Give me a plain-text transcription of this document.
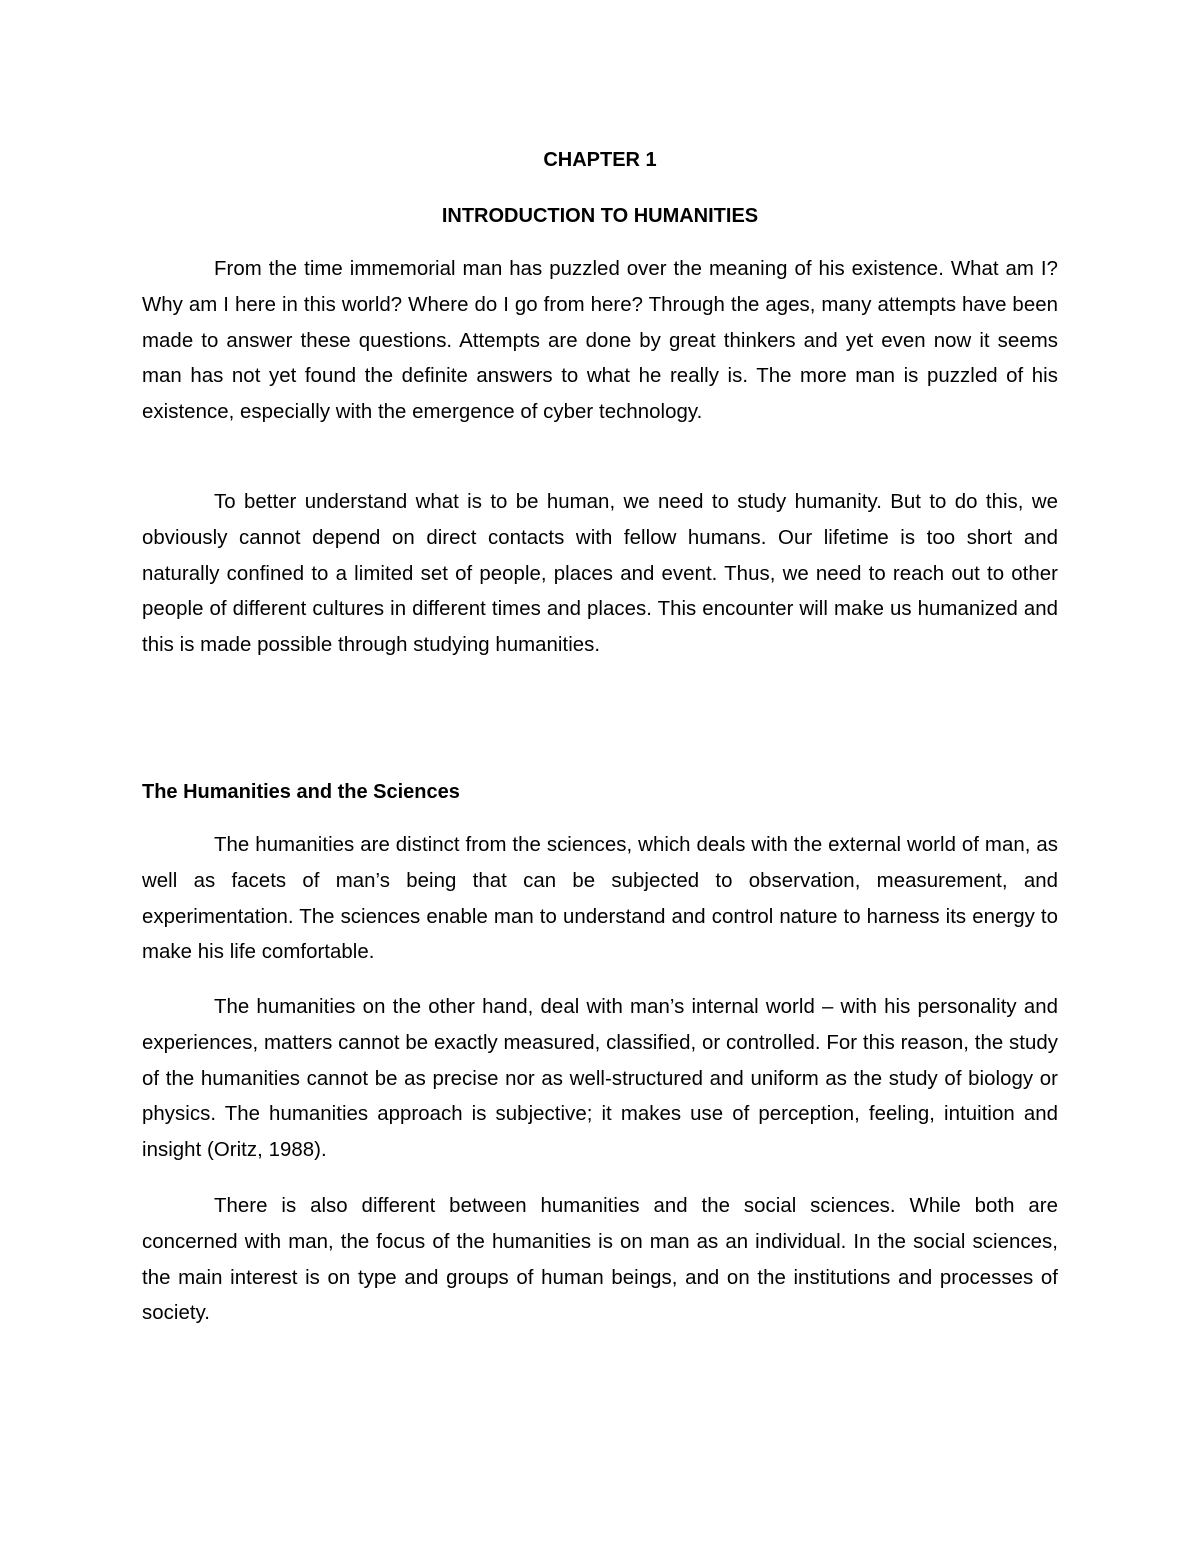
CHAPTER 1
INTRODUCTION TO HUMANITIES

From the time immemorial man has puzzled over the meaning of his existence. What am I? Why am I here in this world? Where do I go from here? Through the ages, many attempts have been made to answer these questions. Attempts are done by great thinkers and yet even now it seems man has not yet found the definite answers to what he really is. The more man is puzzled of his existence, especially with the emergence of cyber technology.

To better understand what is to be human, we need to study humanity. But to do this, we obviously cannot depend on direct contacts with fellow humans. Our lifetime is too short and naturally confined to a limited set of people, places and event. Thus, we need to reach out to other people of different cultures in different times and places. This encounter will make us humanized and this is made possible through studying humanities.

The Humanities and the Sciences

The humanities are distinct from the sciences, which deals with the external world of man, as well as facets of man’s being that can be subjected to observation, measurement, and experimentation. The sciences enable man to understand and control nature to harness its energy to make his life comfortable.

The humanities on the other hand, deal with man’s internal world – with his personality and experiences, matters cannot be exactly measured, classified, or controlled. For this reason, the study of the humanities cannot be as precise nor as well-structured and uniform as the study of biology or physics. The humanities approach is subjective; it makes use of perception, feeling, intuition and insight (Oritz, 1988).

There is also different between humanities and the social sciences. While both are concerned with man, the focus of the humanities is on man as an individual. In the social sciences, the main interest is on type and groups of human beings, and on the institutions and processes of society.
